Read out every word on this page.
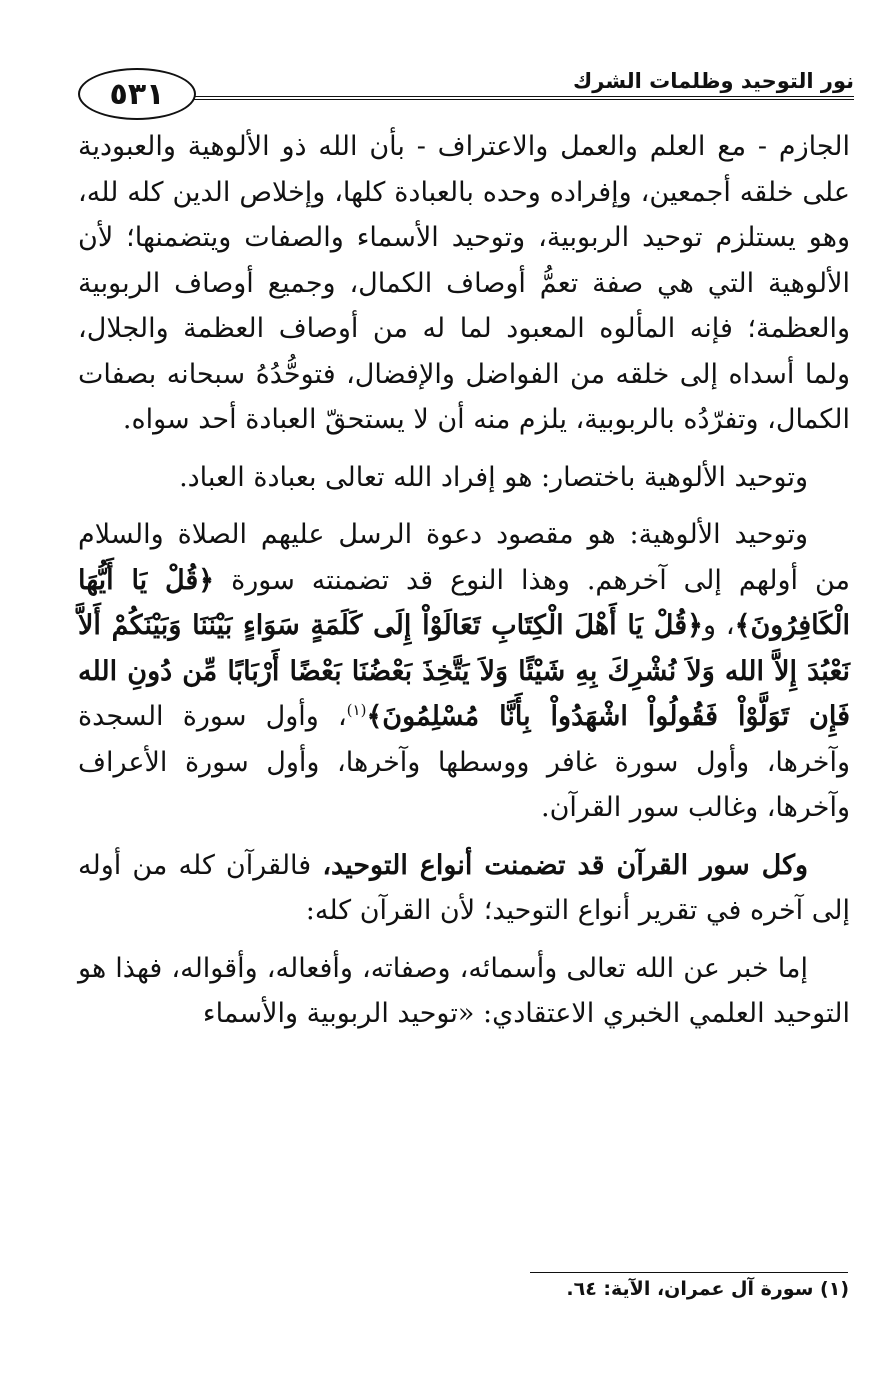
٥٣١	نور التوحيد وظلمات الشرك

الجازم - مع العلم والعمل والاعتراف - بأن الله ذو الألوهية والعبودية على خلقه أجمعين، وإفراده وحده بالعبادة كلها، وإخلاص الدين كله لله، وهو يستلزم توحيد الربوبية، وتوحيد الأسماء والصفات ويتضمنها؛ لأن الألوهية التي هي صفة تعمُّ أوصاف الكمال، وجميع أوصاف الربوبية والعظمة؛ فإنه المألوه المعبود لما له من أوصاف العظمة والجلال، ولما أسداه إلى خلقه من الفواضل والإفضال، فتوحُّدُهُ سبحانه بصفات الكمال، وتفرّدُه بالربوبية، يلزم منه أن لا يستحقّ العبادة أحد سواه.

وتوحيد الألوهية باختصار: هو إفراد الله تعالى بعبادة العباد.

وتوحيد الألوهية: هو مقصود دعوة الرسل عليهم الصلاة والسلام من أولهم إلى آخرهم. وهذا النوع قد تضمنته سورة ﴿قُلْ يَا أَيُّهَا الْكَافِرُونَ﴾، و﴿قُلْ يَا أَهْلَ الْكِتَابِ تَعَالَوْاْ إِلَى كَلَمَةٍ سَوَاءٍ بَيْنَنَا وَبَيْنَكُمْ أَلاَّ نَعْبُدَ إِلاَّ الله وَلاَ نُشْرِكَ بِهِ شَيْئًا وَلاَ يَتَّخِذَ بَعْضُنَا بَعْضًا أَرْبَابًا مِّن دُونِ الله فَإِن تَوَلَّوْاْ فَقُولُواْ اشْهَدُواْ بِأَنَّا مُسْلِمُونَ﴾$^{(١)}$، وأول سورة السجدة وآخرها، وأول سورة غافر ووسطها وآخرها، وأول سورة الأعراف وآخرها، وغالب سور القرآن.

وكل سور القرآن قد تضمنت أنواع التوحيد، فالقرآن كله من أوله إلى آخره في تقرير أنواع التوحيد؛ لأن القرآن كله:

إما خبر عن الله تعالى وأسمائه، وصفاته، وأفعاله، وأقواله، فهذا هو التوحيد العلمي الخبري الاعتقادي: «توحيد الربوبية والأسماء

(١) سورة آل عمران، الآية: ٦٤.
